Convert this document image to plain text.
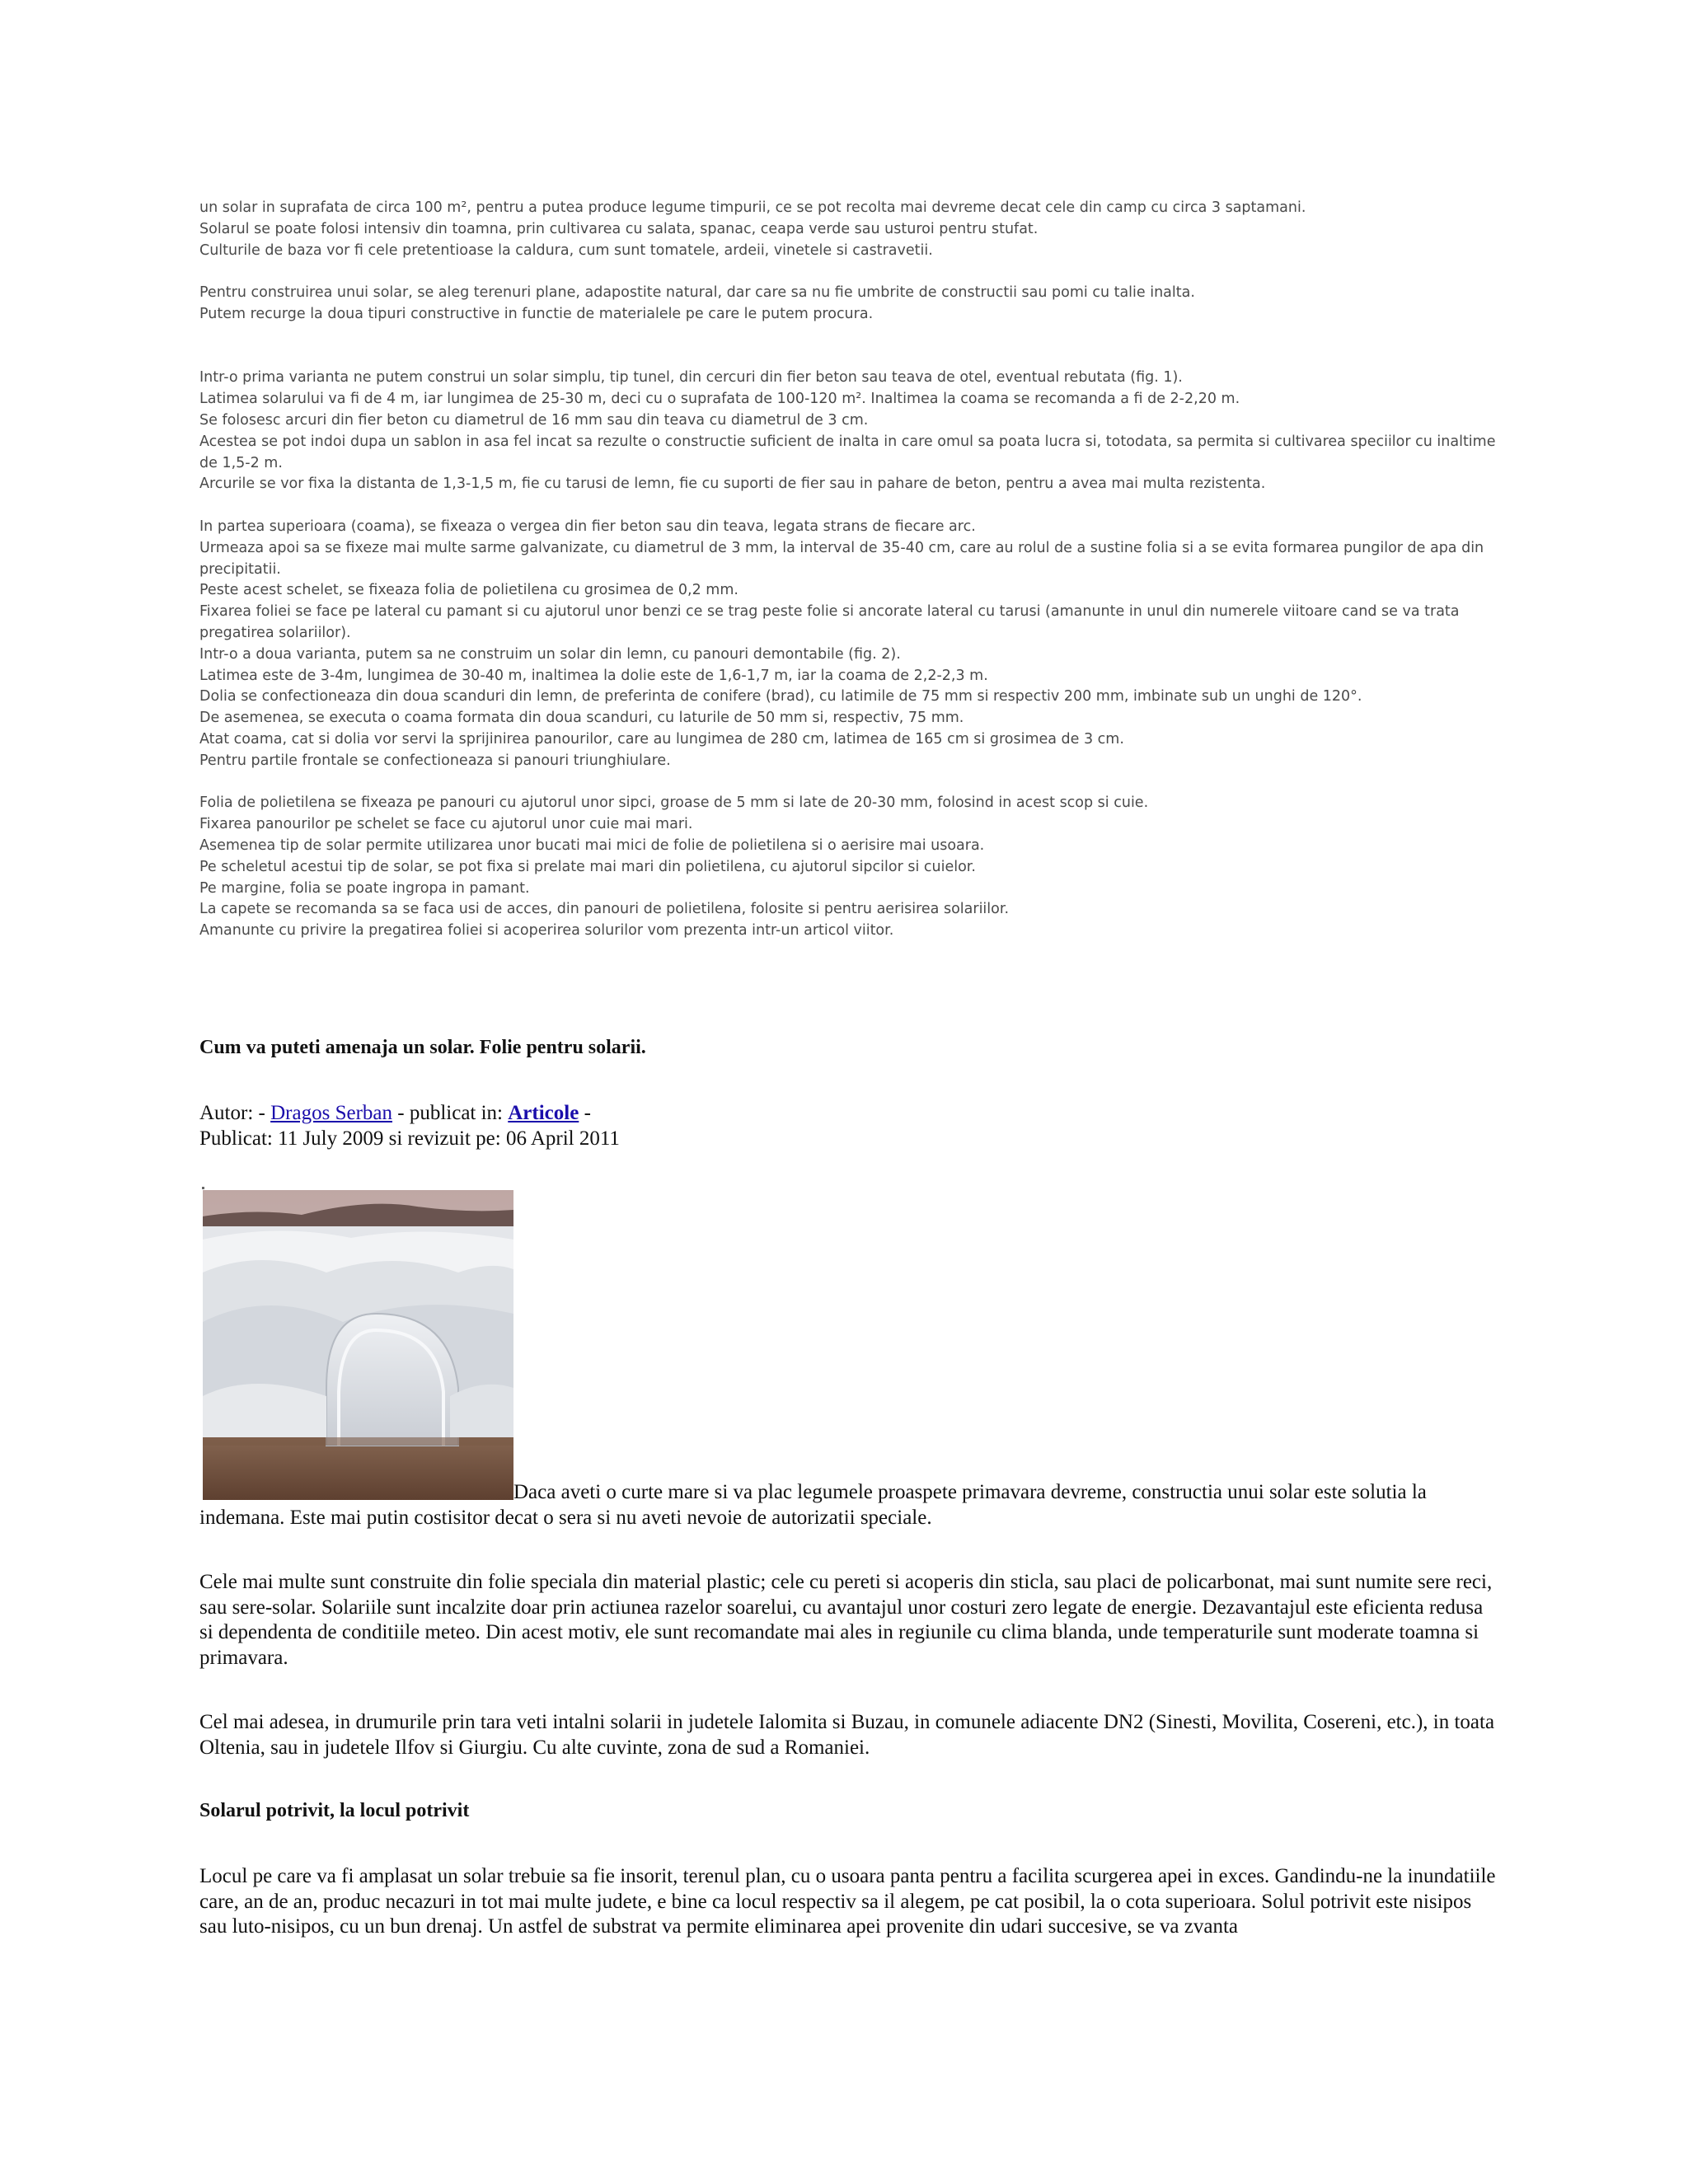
un solar in suprafata de circa 100 m², pentru a putea produce legume timpurii, ce se pot recolta mai devreme decat cele din camp cu circa 3 saptamani.

Solarul se poate folosi intensiv din toamna, prin cultivarea cu salata, spanac, ceapa verde sau usturoi pentru stufat.

Culturile de baza vor fi cele pretentioase la caldura, cum sunt tomatele, ardeii, vinetele si castravetii.

Pentru construirea unui solar, se aleg terenuri plane, adapostite natural, dar care sa nu fie umbrite de constructii sau pomi cu talie inalta.

Putem recurge la doua tipuri constructive in functie de materialele pe care le putem procura.

Intr-o prima varianta ne putem construi un solar simplu, tip tunel, din cercuri din fier beton sau teava de otel, eventual rebutata (fig. 1).

Latimea solarului va fi de 4 m, iar lungimea de 25-30 m, deci cu o suprafata de 100-120 m². Inaltimea la coama se recomanda a fi de 2-2,20 m.

Se folosesc arcuri din fier beton cu diametrul de 16 mm sau din teava cu diametrul de 3 cm.

Acestea se pot indoi dupa un sablon in asa fel incat sa rezulte o constructie suficient de inalta in care omul sa poata lucra si, totodata, sa permita si cultivarea speciilor cu inaltime de 1,5-2 m.

Arcurile se vor fixa la distanta de 1,3-1,5 m, fie cu tarusi de lemn, fie cu suporti de fier sau in pahare de beton, pentru a avea mai multa rezistenta.

In partea superioara (coama), se fixeaza o vergea din fier beton sau din teava, legata strans de fiecare arc.

Urmeaza apoi sa se fixeze mai multe sarme galvanizate, cu diametrul de 3 mm, la interval de 35-40 cm, care au rolul de a sustine folia si a se evita formarea pungilor de apa din precipitatii.

Peste acest schelet, se fixeaza folia de polietilena cu grosimea de 0,2 mm.

Fixarea foliei se face pe lateral cu pamant si cu ajutorul unor benzi ce se trag peste folie si ancorate lateral cu tarusi (amanunte in unul din numerele viitoare cand se va trata pregatirea solariilor).

Intr-o a doua varianta, putem sa ne construim un solar din lemn, cu panouri demontabile (fig. 2).

Latimea este de 3-4m, lungimea de 30-40 m, inaltimea la dolie este de 1,6-1,7 m, iar la coama de 2,2-2,3 m.

Dolia se confectioneaza din doua scanduri din lemn, de preferinta de conifere (brad), cu latimile de 75 mm si respectiv 200 mm, imbinate sub un unghi de 120°.

De asemenea, se executa o coama formata din doua scanduri, cu laturile de 50 mm si, respectiv, 75 mm.

Atat coama, cat si dolia vor servi la sprijinirea panourilor, care au lungimea de 280 cm, latimea de 165 cm si grosimea de 3 cm.

Pentru partile frontale se confectioneaza si panouri triunghiulare.

Folia de polietilena se fixeaza pe panouri cu ajutorul unor sipci, groase de 5 mm si late de 20-30 mm, folosind in acest scop si cuie.

Fixarea panourilor pe schelet se face cu ajutorul unor cuie mai mari.

Asemenea tip de solar permite utilizarea unor bucati mai mici de folie de polietilena si o aerisire mai usoara.

Pe scheletul acestui tip de solar, se pot fixa si prelate mai mari din polietilena, cu ajutorul sipcilor si cuielor.

Pe margine, folia se poate ingropa in pamant.

La capete se recomanda sa se faca usi de acces, din panouri de polietilena, folosite si pentru aerisirea solariilor.

Amanunte cu privire la pregatirea foliei si acoperirea solurilor vom prezenta intr-un articol viitor.

Cum va puteti amenaja un solar. Folie pentru solarii.
Autor: - Dragos Serban - publicat in: Articole -
Publicat: 11 July 2009 si revizuit pe: 06 April 2011

Daca aveti o curte mare si va plac legumele proaspete primavara devreme, constructia unui solar este solutia la indemana. Este mai putin costisitor decat o sera si nu aveti nevoie de autorizatii speciale.

Cele mai multe sunt construite din folie speciala din material plastic; cele cu pereti si acoperis din sticla, sau placi de policarbonat, mai sunt numite sere reci, sau sere-solar. Solariile sunt incalzite doar prin actiunea razelor soarelui, cu avantajul unor costuri zero legate de energie. Dezavantajul este eficienta redusa si dependenta de conditiile meteo. Din acest motiv, ele sunt recomandate mai ales in regiunile cu clima blanda, unde temperaturile sunt moderate toamna si primavara.

Cel mai adesea, in drumurile prin tara veti intalni solarii in judetele Ialomita si Buzau, in comunele adiacente DN2 (Sinesti, Movilita, Cosereni, etc.), in toata Oltenia, sau in judetele Ilfov si Giurgiu. Cu alte cuvinte, zona de sud a Romaniei.

Solarul potrivit, la locul potrivit

Locul pe care va fi amplasat un solar trebuie sa fie insorit, terenul plan, cu o usoara panta pentru a facilita scurgerea apei in exces. Gandindu-ne la inundatiile care, an de an, produc necazuri in tot mai multe judete, e bine ca locul respectiv sa il alegem, pe cat posibil, la o cota superioara. Solul potrivit este nisipos sau luto-nisipos, cu un bun drenaj. Un astfel de substrat va permite eliminarea apei provenite din udari succesive, se va zvanta
